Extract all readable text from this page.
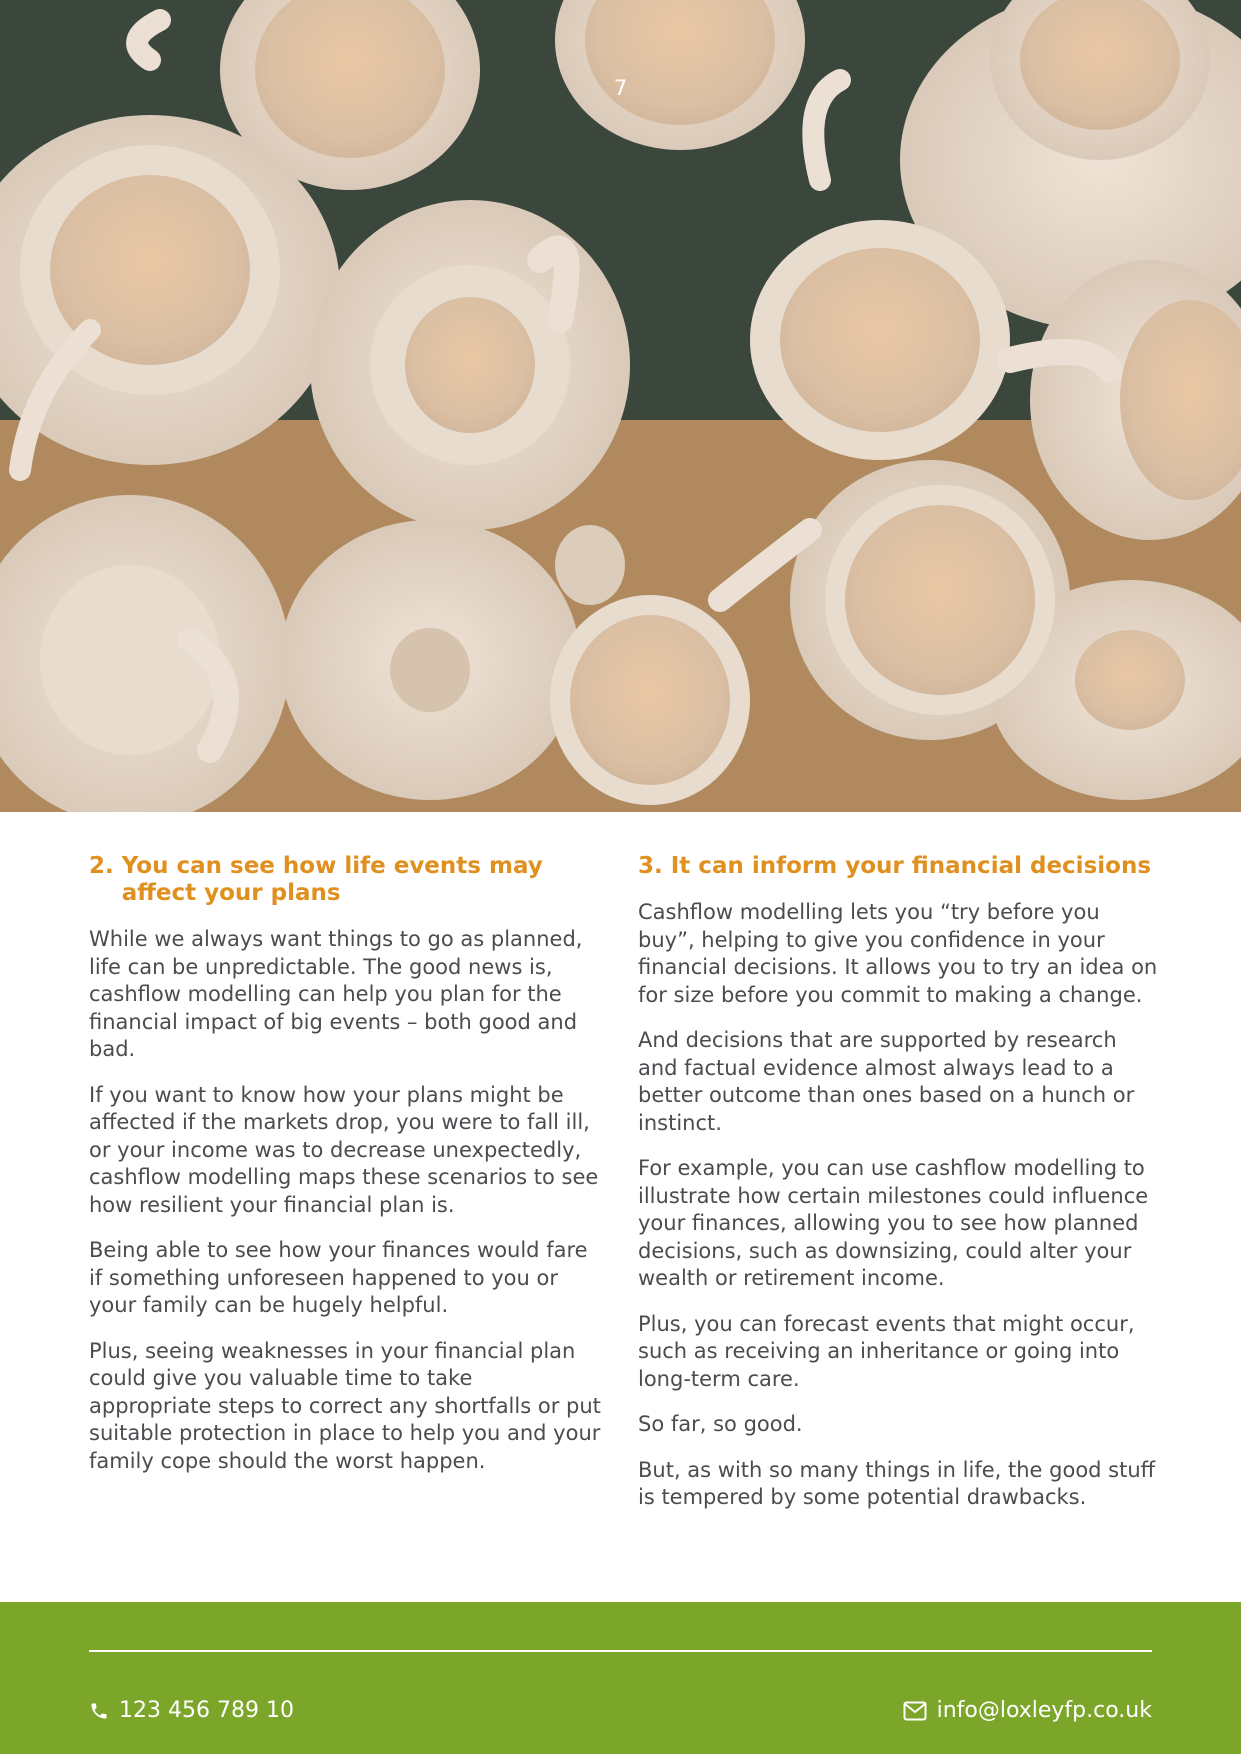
7
2. You can see how life events may affect your plans

While we always want things to go as planned, life can be unpredictable. The good news is, cashflow modelling can help you plan for the financial impact of big events – both good and bad.

If you want to know how your plans might be affected if the markets drop, you were to fall ill, or your income was to decrease unexpectedly, cashflow modelling maps these scenarios to see how resilient your financial plan is.

Being able to see how your finances would fare if something unforeseen happened to you or your family can be hugely helpful.

Plus, seeing weaknesses in your financial plan could give you valuable time to take appropriate steps to correct any shortfalls or put suitable protection in place to help you and your family cope should the worst happen.

3. It can inform your financial decisions

Cashflow modelling lets you “try before you buy”, helping to give you confidence in your financial decisions. It allows you to try an idea on for size before you commit to making a change.

And decisions that are supported by research and factual evidence almost always lead to a better outcome than ones based on a hunch or instinct.

For example, you can use cashflow modelling to illustrate how certain milestones could influence your finances, allowing you to see how planned decisions, such as downsizing, could alter your wealth or retirement income.

Plus, you can forecast events that might occur, such as receiving an inheritance or going into long-term care.

So far, so good.

But, as with so many things in life, the good stuff is tempered by some potential drawbacks.

123 456 789 10	info@loxleyfp.co.uk
